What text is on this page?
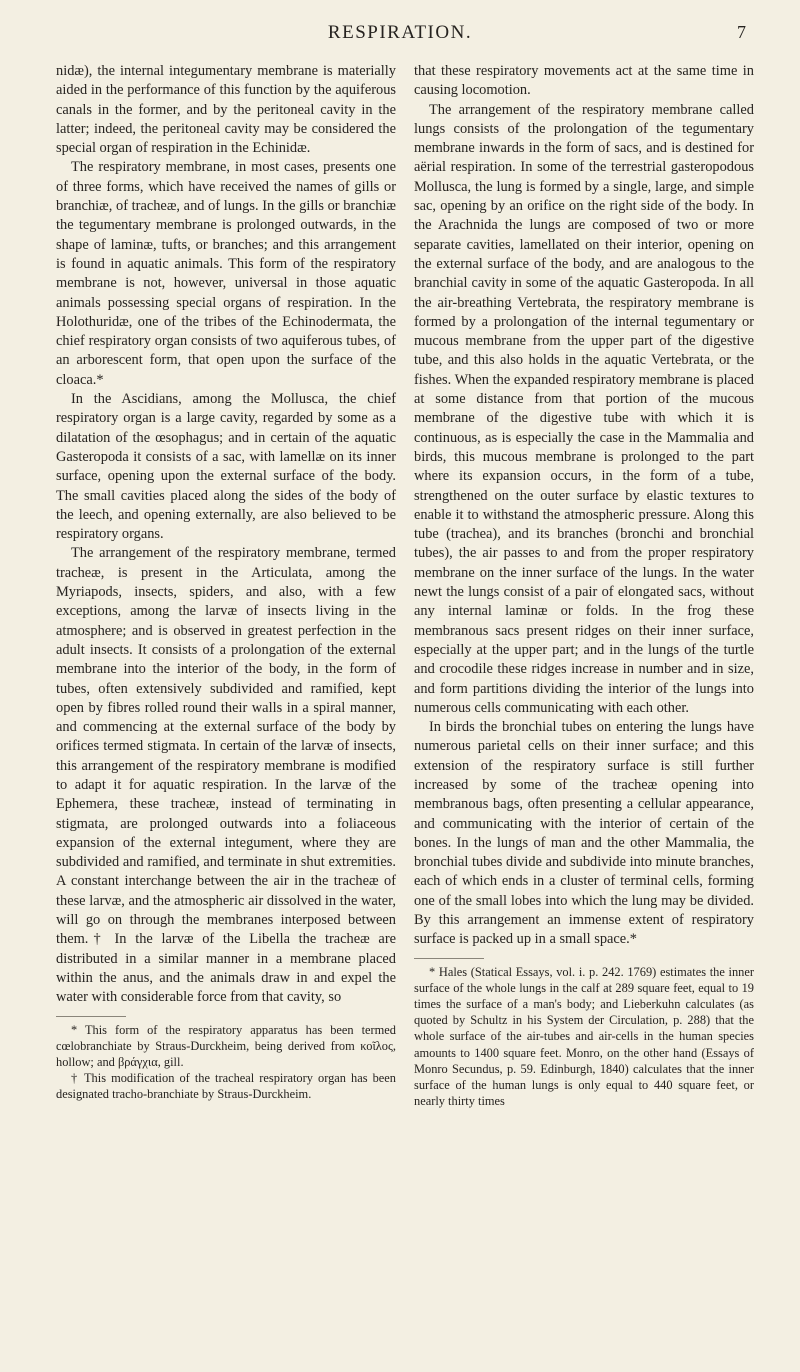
RESPIRATION.	7

nidæ), the internal integumentary membrane is materially aided in the performance of this function by the aquiferous canals in the former, and by the peritoneal cavity in the latter; indeed, the peritoneal cavity may be considered the special organ of respiration in the Echinidæ.

The respiratory membrane, in most cases, presents one of three forms, which have received the names of gills or branchiæ, of tracheæ, and of lungs. In the gills or branchiæ the tegumentary membrane is prolonged outwards, in the shape of laminæ, tufts, or branches; and this arrangement is found in aquatic animals. This form of the respiratory membrane is not, however, universal in those aquatic animals possessing special organs of respiration. In the Holothuridæ, one of the tribes of the Echinodermata, the chief respiratory organ consists of two aquiferous tubes, of an arborescent form, that open upon the surface of the cloaca.*

In the Ascidians, among the Mollusca, the chief respiratory organ is a large cavity, regarded by some as a dilatation of the œsophagus; and in certain of the aquatic Gasteropoda it consists of a sac, with lamellæ on its inner surface, opening upon the external surface of the body. The small cavities placed along the sides of the body of the leech, and opening externally, are also believed to be respiratory organs.

The arrangement of the respiratory membrane, termed tracheæ, is present in the Articulata, among the Myriapods, insects, spiders, and also, with a few exceptions, among the larvæ of insects living in the atmosphere; and is observed in greatest perfection in the adult insects. It consists of a prolongation of the external membrane into the interior of the body, in the form of tubes, often extensively subdivided and ramified, kept open by fibres rolled round their walls in a spiral manner, and commencing at the external surface of the body by orifices termed stigmata. In certain of the larvæ of insects, this arrangement of the respiratory membrane is modified to adapt it for aquatic respiration. In the larvæ of the Ephemera, these tracheæ, instead of terminating in stigmata, are prolonged outwards into a foliaceous expansion of the external integument, where they are subdivided and ramified, and terminate in shut extremities. A constant interchange between the air in the tracheæ of these larvæ, and the atmospheric air dissolved in the water, will go on through the membranes interposed between them.† In the larvæ of the Libella the tracheæ are distributed in a similar manner in a membrane placed within the anus, and the animals draw in and expel the water with considerable force from that cavity, so

* This form of the respiratory apparatus has been termed cœlobranchiate by Straus-Durckheim, being derived from κοῖλος, hollow; and βράγχια, gill.

† This modification of the tracheal respiratory organ has been designated tracho-branchiate by Straus-Durckheim.

that these respiratory movements act at the same time in causing locomotion.

The arrangement of the respiratory membrane called lungs consists of the prolongation of the tegumentary membrane inwards in the form of sacs, and is destined for aërial respiration. In some of the terrestrial gasteropodous Mollusca, the lung is formed by a single, large, and simple sac, opening by an orifice on the right side of the body. In the Arachnida the lungs are composed of two or more separate cavities, lamellated on their interior, opening on the external surface of the body, and are analogous to the branchial cavity in some of the aquatic Gasteropoda. In all the air-breathing Vertebrata, the respiratory membrane is formed by a prolongation of the internal tegumentary or mucous membrane from the upper part of the digestive tube, and this also holds in the aquatic Vertebrata, or the fishes. When the expanded respiratory membrane is placed at some distance from that portion of the mucous membrane of the digestive tube with which it is continuous, as is especially the case in the Mammalia and birds, this mucous membrane is prolonged to the part where its expansion occurs, in the form of a tube, strengthened on the outer surface by elastic textures to enable it to withstand the atmospheric pressure. Along this tube (trachea), and its branches (bronchi and bronchial tubes), the air passes to and from the proper respiratory membrane on the inner surface of the lungs. In the water newt the lungs consist of a pair of elongated sacs, without any internal laminæ or folds. In the frog these membranous sacs present ridges on their inner surface, especially at the upper part; and in the lungs of the turtle and crocodile these ridges increase in number and in size, and form partitions dividing the interior of the lungs into numerous cells communicating with each other.

In birds the bronchial tubes on entering the lungs have numerous parietal cells on their inner surface; and this extension of the respiratory surface is still further increased by some of the tracheæ opening into membranous bags, often presenting a cellular appearance, and communicating with the interior of certain of the bones. In the lungs of man and the other Mammalia, the bronchial tubes divide and subdivide into minute branches, each of which ends in a cluster of terminal cells, forming one of the small lobes into which the lung may be divided. By this arrangement an immense extent of respiratory surface is packed up in a small space.*

* Hales (Statical Essays, vol. i. p. 242. 1769) estimates the inner surface of the whole lungs in the calf at 289 square feet, equal to 19 times the surface of a man's body; and Lieberkuhn calculates (as quoted by Schultz in his System der Circulation, p. 288) that the whole surface of the air-tubes and air-cells in the human species amounts to 1400 square feet. Monro, on the other hand (Essays of Monro Secundus, p. 59. Edinburgh, 1840) calculates that the inner surface of the human lungs is only equal to 440 square feet, or nearly thirty times
